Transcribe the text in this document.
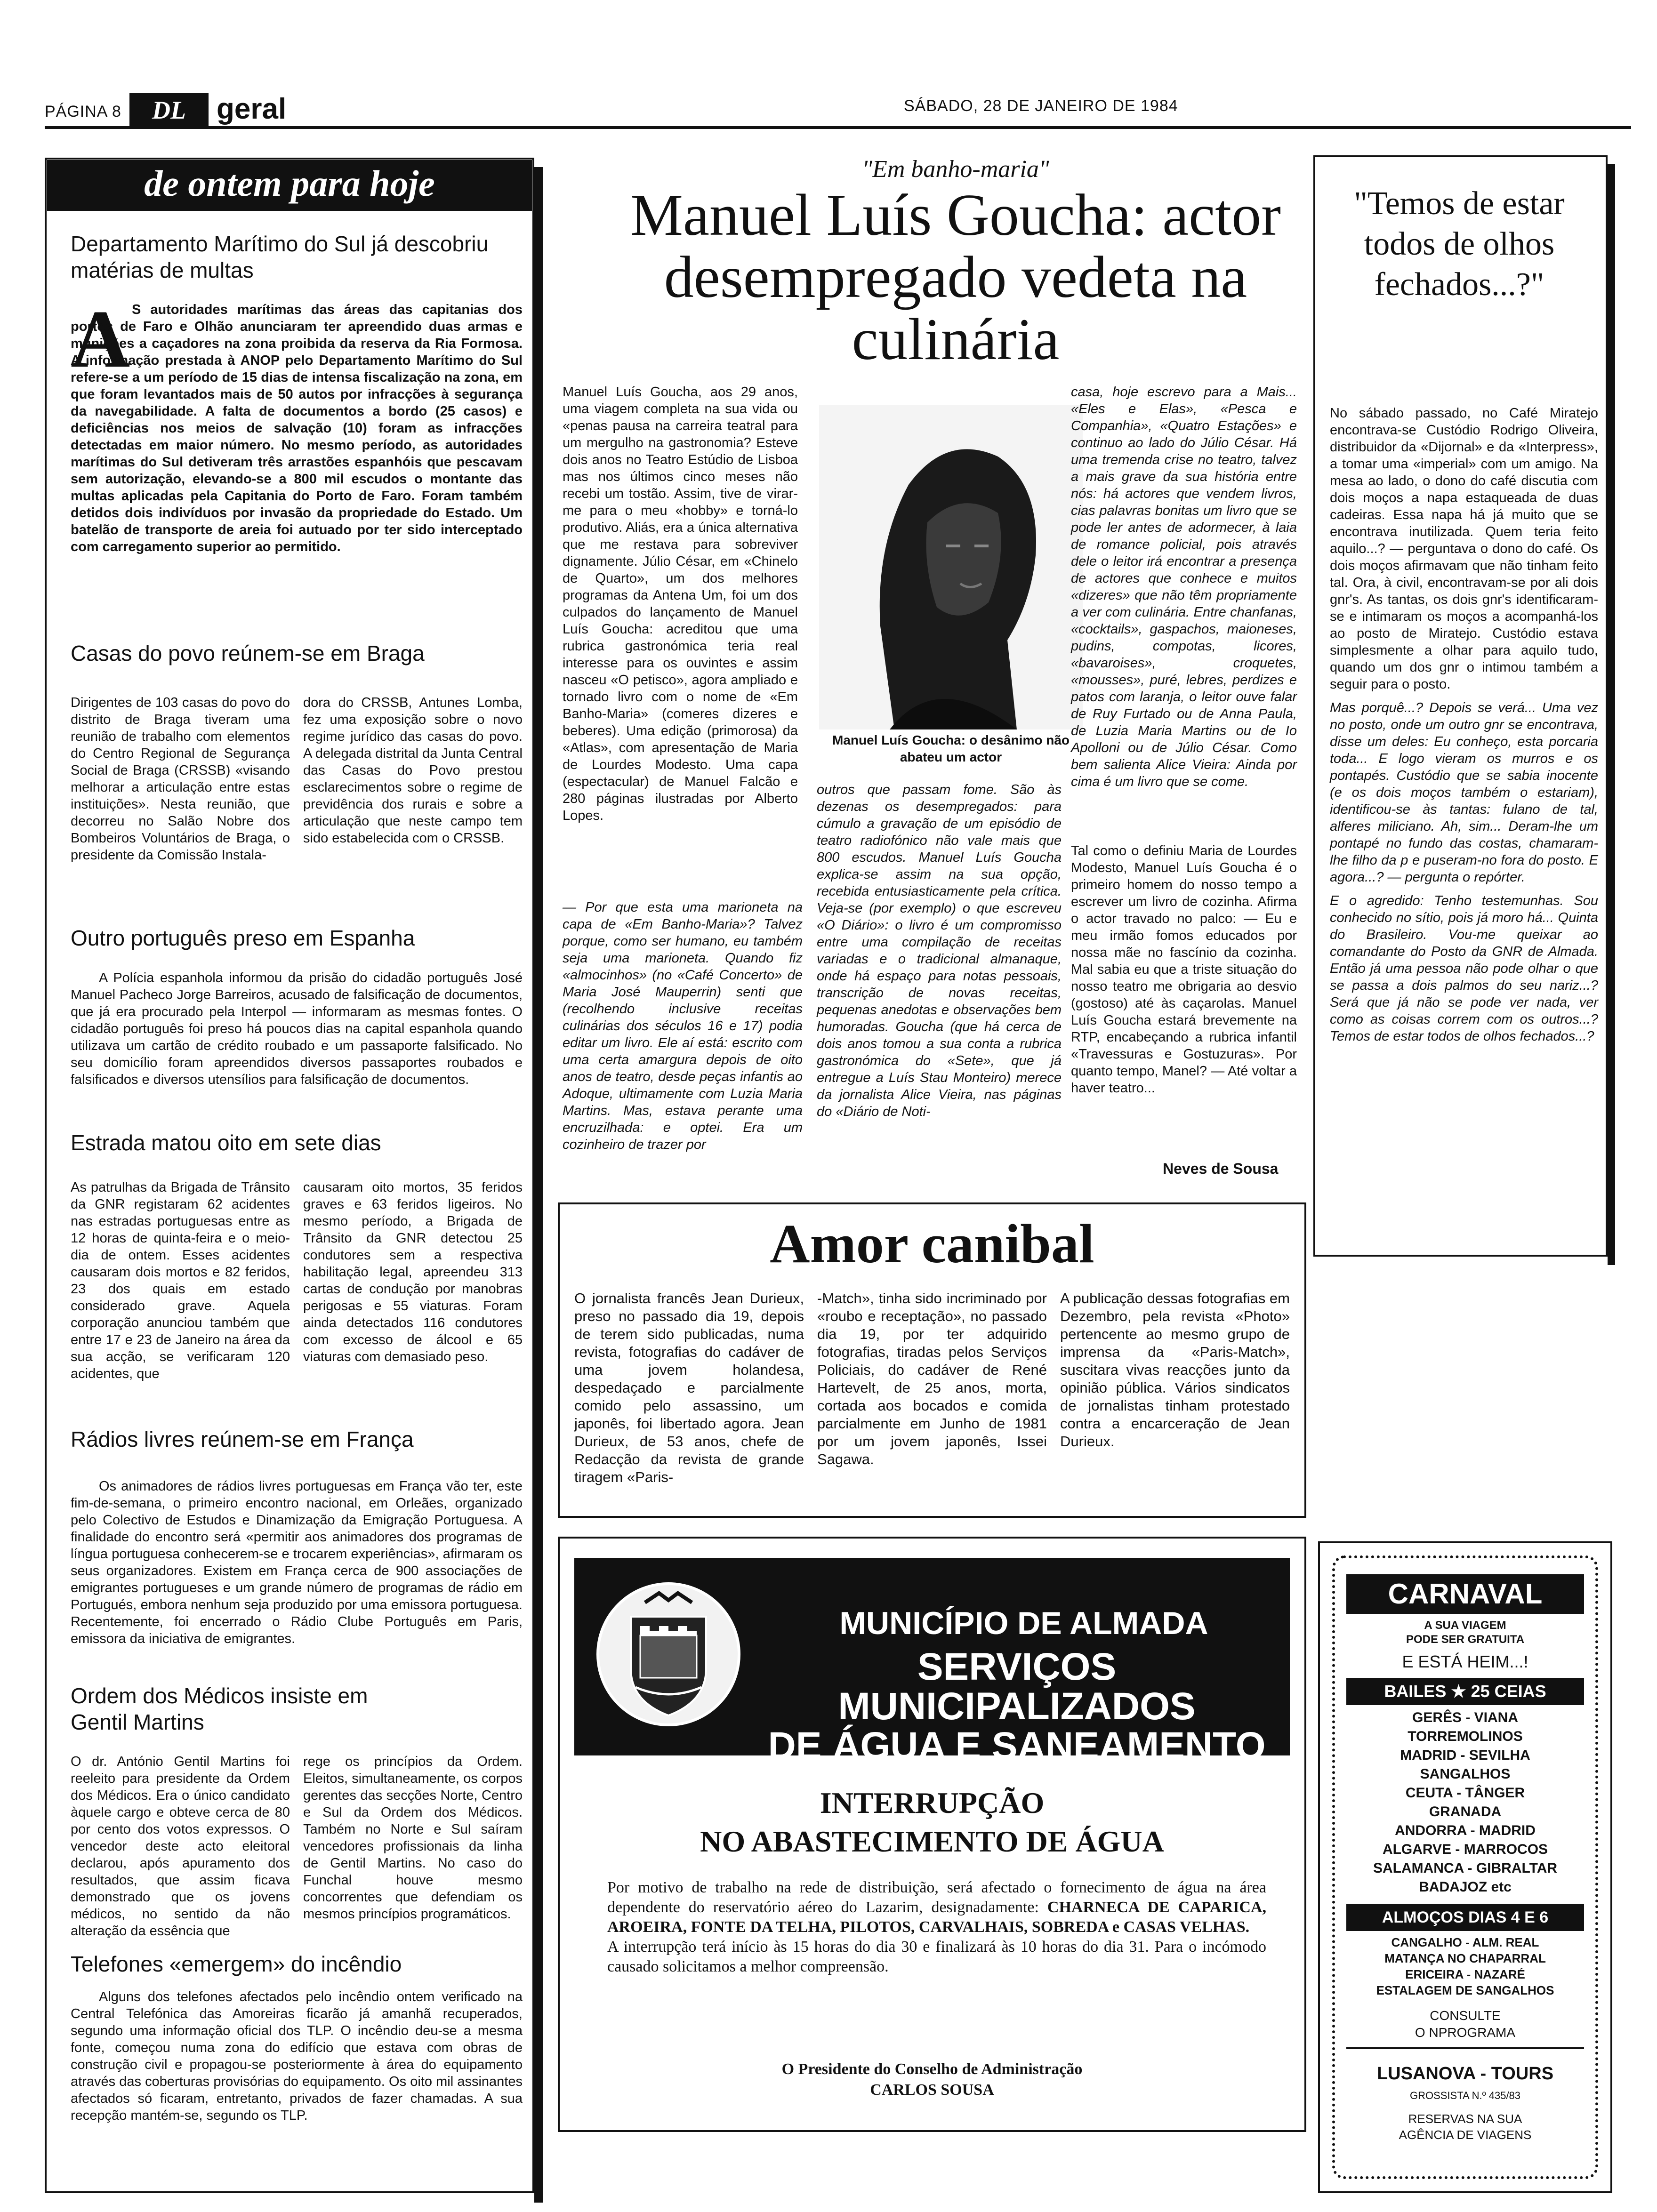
PÁGINA 8	DL	geral	SÁBADO, 28 DE JANEIRO DE 1984
de ontem para hoje
Departamento Marítimo do Sul já descobriu matérias de multas
A S autoridades marítimas das áreas das capitanias dos portos de Faro e Olhão anunciaram ter apreendido duas armas e munições a caçadores na zona proibida da reserva da Ria Formosa. A informação prestada à ANOP pelo Departamento Marítimo do Sul refere-se a um período de 15 dias de intensa fiscalização na zona, em que foram levantados mais de 50 autos por infracções à segurança da navegabilidade. A falta de documentos a bordo (25 casos) e deficiências nos meios de salvação (10) foram as infracções detectadas em maior número. No mesmo período, as autoridades marítimas do Sul detiveram três arrastões espanhóis que pescavam sem autorização, elevando-se a 800 mil escudos o montante das multas aplicadas pela Capitania do Porto de Faro. Foram também detidos dois indivíduos por invasão da propriedade do Estado. Um batelão de transporte de areia foi autuado por ter sido interceptado com carregamento superior ao permitido.

Casas do povo reúnem-se em Braga

Dirigentes de 103 casas do povo do distrito de Braga tiveram uma reunião de trabalho com elementos do Centro Regional de Segurança Social de Braga (CRSSB) «visando melhorar a articulação entre estas instituições». Nesta reunião, que decorreu no Salão Nobre dos Bombeiros Voluntários de Braga, o presidente da Comissão Instala-

dora do CRSSB, Antunes Lomba, fez uma exposição sobre o novo regime jurídico das casas do povo. A delegada distrital da Junta Central das Casas do Povo prestou esclarecimentos sobre o regime de previdência dos rurais e sobre a articulação que neste campo tem sido estabelecida com o CRSSB.

Outro português preso em Espanha

A Polícia espanhola informou da prisão do cidadão português José Manuel Pacheco Jorge Barreiros, acusado de falsificação de documentos, que já era procurado pela Interpol — informaram as mesmas fontes. O cidadão português foi preso há poucos dias na capital espanhola quando utilizava um cartão de crédito roubado e um passaporte falsificado. No seu domicílio foram apreendidos diversos passaportes roubados e falsificados e diversos utensílios para falsificação de documentos.

Estrada matou oito em sete dias

As patrulhas da Brigada de Trânsito da GNR registaram 62 acidentes nas estradas portuguesas entre as 12 horas de quinta-feira e o meio-dia de ontem. Esses acidentes causaram dois mortos e 82 feridos, 23 dos quais em estado considerado grave. Aquela corporação anunciou também que entre 17 e 23 de Janeiro na área da sua acção, se verificaram 120 acidentes, que

causaram oito mortos, 35 feridos graves e 63 feridos ligeiros. No mesmo período, a Brigada de Trânsito da GNR detectou 25 condutores sem a respectiva habilitação legal, apreendeu 313 cartas de condução por manobras perigosas e 55 viaturas. Foram ainda detectados 116 condutores com excesso de álcool e 65 viaturas com demasiado peso.

Rádios livres reúnem-se em França

Os animadores de rádios livres portuguesas em França vão ter, este fim-de-semana, o primeiro encontro nacional, em Orleães, organizado pelo Colectivo de Estudos e Dinamização da Emigração Portuguesa. A finalidade do encontro será «permitir aos animadores dos programas de língua portuguesa conhecerem-se e trocarem experiências», afirmaram os seus organizadores. Existem em França cerca de 900 associações de emigrantes portugueses e um grande número de programas de rádio em Portugués, embora nenhum seja produzido por uma emissora portuguesa. Recentemente, foi encerrado o Rádio Clube Português em Paris, emissora da iniciativa de emigrantes.

Ordem dos Médicos insiste em Gentil Martins

O dr. António Gentil Martins foi reeleito para presidente da Ordem dos Médicos. Era o único candidato àquele cargo e obteve cerca de 80 por cento dos votos expressos. O vencedor deste acto eleitoral declarou, após apuramento dos resultados, que assim ficava demonstrado que os jovens médicos, no sentido da não alteração da essência que

rege os princípios da Ordem. Eleitos, simultaneamente, os corpos gerentes das secções Norte, Centro e Sul da Ordem dos Médicos. Também no Norte e Sul saíram vencedores profissionais da linha de Gentil Martins. No caso do Funchal houve mesmo concorrentes que defendiam os mesmos princípios programáticos.

Telefones «emergem» do incêndio

Alguns dos telefones afectados pelo incêndio ontem verificado na Central Telefónica das Amoreiras ficarão já amanhã recuperados, segundo uma informação oficial dos TLP. O incêndio deu-se a mesma fonte, começou numa zona do edifício que estava com obras de construção civil e propagou-se posteriormente à área do equipamento através das coberturas provisórias do equipamento. Os oito mil assinantes afectados só ficaram, entretanto, privados de fazer chamadas. A sua recepção mantém-se, segundo os TLP.

"Em banho-maria"
Manuel Luís Goucha: actor desempregado vedeta na culinária

Manuel Luís Goucha, aos 29 anos, uma viagem completa na sua vida ou «penas pausa na carreira teatral para um mergulho na gastronomia? Esteve dois anos no Teatro Estúdio de Lisboa mas nos últimos cinco meses não recebi um tostão. Assim, tive de virar-me para o meu «hobby» e torná-lo produtivo. Aliás, era a única alternativa que me restava para sobreviver dignamente. Júlio César, em «Chinelo de Quarto», um dos melhores programas da Antena Um, foi um dos culpados do lançamento de Manuel Luís Goucha: acreditou que uma rubrica gastronómica teria real interesse para os ouvintes e assim nasceu «O petisco», agora ampliado e tornado livro com o nome de «Em Banho-Maria» (comeres dizeres e beberes). Uma edição (primorosa) da «Atlas», com apresentação de Maria de Lourdes Modesto. Uma capa (espectacular) de Manuel Falcão e 280 páginas ilustradas por Alberto Lopes.

Manuel Luís Goucha: o desânimo não abateu um actor

— Por que esta uma marioneta na capa de «Em Banho-Maria»? Talvez porque, como ser humano, eu também seja uma marioneta. Quando fiz «almocinhos» (no «Café Concerto» de Maria José Mauperrin) senti que (recolhendo inclusive receitas culinárias dos séculos 16 e 17) podia editar um livro. Ele aí está: escrito com uma certa amargura depois de oito anos de teatro, desde peças infantis ao Adoque, ultimamente com Luzia Maria Martins. Mas, estava perante uma encruzilhada: e optei. Era um cozinheiro de trazer por

outros que passam fome. São às dezenas os desempregados: para cúmulo a gravação de um episódio de teatro radiofónico não vale mais que 800 escudos. Manuel Luís Goucha explica-se assim na sua opção, recebida entusiasticamente pela crítica. Veja-se (por exemplo) o que escreveu «O Diário»: o livro é um compromisso entre uma compilação de receitas variadas e o tradicional almanaque, onde há espaço para notas pessoais, transcrição de novas receitas, pequenas anedotas e observações bem humoradas. Goucha (que há cerca de dois anos tomou a sua conta a rubrica gastronómica do «Sete», que já entregue a Luís Stau Monteiro) merece da jornalista Alice Vieira, nas páginas do «Diário de Noti-

casa, hoje escrevo para a Mais... «Eles e Elas», «Pesca e Companhia», «Quatro Estações» e continuo ao lado do Júlio César. Há uma tremenda crise no teatro, talvez a mais grave da sua história entre nós: há actores que vendem livros, cias palavras bonitas um livro que se pode ler antes de adormecer, à laia de romance policial, pois através dele o leitor irá encontrar a presença de actores que conhece e muitos «dizeres» que não têm propriamente a ver com culinária. Entre chanfanas, «cocktails», gaspachos, maioneses, pudins, compotas, licores, «bavaroises», croquetes, «mousses», puré, lebres, perdizes e patos com laranja, o leitor ouve falar de Ruy Furtado ou de Anna Paula, de Luzia Maria Martins ou de Io Apolloni ou de Júlio César. Como bem salienta Alice Vieira: Ainda por cima é um livro que se come.

Tal como o definiu Maria de Lourdes Modesto, Manuel Luís Goucha é o primeiro homem do nosso tempo a escrever um livro de cozinha. Afirma o actor travado no palco: — Eu e meu irmão fomos educados por nossa mãe no fascínio da cozinha. Mal sabia eu que a triste situação do nosso teatro me obrigaria ao desvio (gostoso) até às caçarolas. Manuel Luís Goucha estará brevemente na RTP, encabeçando a rubrica infantil «Travessuras e Gostuzuras». Por quanto tempo, Manel? — Até voltar a haver teatro...

Neves de Sousa
"Temos de estar todos de olhos fechados...?"

No sábado passado, no Café Miratejo encontrava-se Custódio Rodrigo Oliveira, distribuidor da «Dijornal» e da «Interpress», a tomar uma «imperial» com um amigo. Na mesa ao lado, o dono do café discutia com dois moços a napa estaqueada de duas cadeiras. Essa napa há já muito que se encontrava inutilizada. Quem teria feito aquilo...? — perguntava o dono do café. Os dois moços afirmavam que não tinham feito tal. Ora, à civil, encontravam-se por ali dois gnr's. As tantas, os dois gnr's identificaram-se e intimaram os moços a acompanhá-los ao posto de Miratejo. Custódio estava simplesmente a olhar para aquilo tudo, quando um dos gnr o intimou também a seguir para o posto.

Mas porquê...? Depois se verá... Uma vez no posto, onde um outro gnr se encontrava, disse um deles: Eu conheço, esta porcaria toda... E logo vieram os murros e os pontapés. Custódio que se sabia inocente (e os dois moços também o estariam), identificou-se às tantas: fulano de tal, alferes miliciano. Ah, sim... Deram-lhe um pontapé no fundo das costas, chamaram-lhe filho da p e puseram-no fora do posto. E agora...? — pergunta o repórter.

E o agredido: Tenho testemunhas. Sou conhecido no sítio, pois já moro há... Quinta do Brasileiro. Vou-me queixar ao comandante do Posto da GNR de Almada. Então já uma pessoa não pode olhar o que se passa a dois palmos do seu nariz...? Será que já não se pode ver nada, ver como as coisas correm com os outros...? Temos de estar todos de olhos fechados...?

Amor canibal

O jornalista francês Jean Durieux, preso no passado dia 19, depois de terem sido publicadas, numa revista, fotografias do cadáver de uma jovem holandesa, despedaçado e parcialmente comido pelo assassino, um japonês, foi libertado agora. Jean Durieux, de 53 anos, chefe de Redacção da revista de grande tiragem «Paris-

-Match», tinha sido incriminado por «roubo e receptação», no passado dia 19, por ter adquirido fotografias, tiradas pelos Serviços Policiais, do cadáver de René Hartevelt, de 25 anos, morta, cortada aos bocados e comida parcialmente em Junho de 1981 por um jovem japonês, Issei Sagawa.

A publicação dessas fotografias em Dezembro, pela revista «Photo» pertencente ao mesmo grupo de imprensa da «Paris-Match», suscitara vivas reacções junto da opinião pública. Vários sindicatos de jornalistas tinham protestado contra a encarceração de Jean Durieux.

MUNICÍPIO DE ALMADA
SERVIÇOS MUNICIPALIZADOS
DE ÁGUA E SANEAMENTO
INTERRUPÇÃO
NO ABASTECIMENTO DE ÁGUA

Por motivo de trabalho na rede de distribuição, será afectado o fornecimento de água na área dependente do reservatório aéreo do Lazarim, designadamente: CHARNECA DE CAPARICA, AROEIRA, FONTE DA TELHA, PILOTOS, CARVALHAIS, SOBREDA e CASAS VELHAS.
A interrupção terá início às 15 horas do dia 30 e finalizará às 10 horas do dia 31. Para o incómodo causado solicitamos a melhor compreensão.

O Presidente do Conselho de Administração
CARLOS SOUSA
CARNAVAL
A SUA VIAGEM
PODE SER GRATUITA
E ESTÁ HEIM...!
BAILES ★ 25 CEIAS
GERÊS - VIANA
TORREMOLINOS
MADRID - SEVILHA
SANGALHOS
CEUTA - TÂNGER
GRANADA
ANDORRA - MADRID
ALGARVE - MARROCOS
SALAMANCA - GIBRALTAR
BADAJOZ etc
ALMOÇOS DIAS 4 E 6
CANGALHO - ALM. REAL
MATANÇA NO CHAPARRAL
ERICEIRA - NAZARÉ
ESTALAGEM DE SANGALHOS
CONSULTE
O NPROGRAMA
LUSANOVA - TOURS
GROSSISTA N.º 435/83
RESERVAS NA SUA
AGÊNCIA DE VIAGENS
